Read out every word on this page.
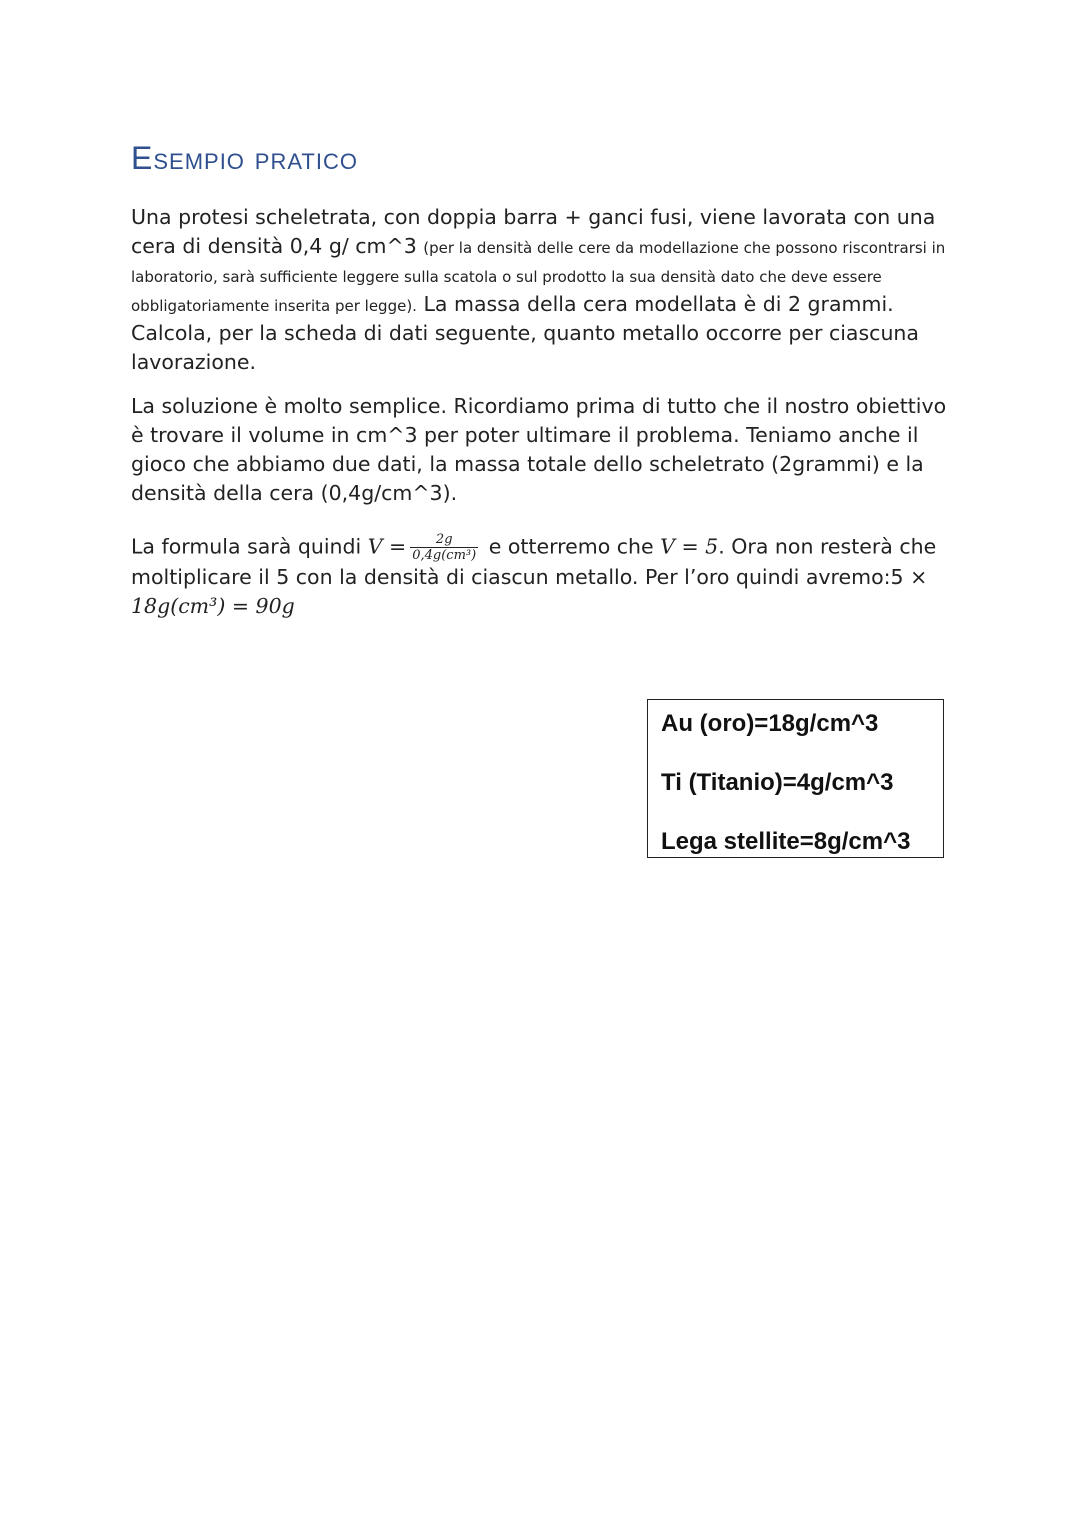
Esempio pratico
Una protesi scheletrata, con doppia barra + ganci fusi, viene lavorata con una cera di densità 0,4 g/ cm^3 (per la densità delle cere da modellazione che possono riscontrarsi in laboratorio, sarà sufficiente leggere sulla scatola o sul prodotto la sua densità dato che deve essere obbligatoriamente inserita per legge). La massa della cera modellata è di 2 grammi. Calcola, per la scheda di dati seguente, quanto metallo occorre per ciascuna lavorazione.
La soluzione è molto semplice. Ricordiamo prima di tutto che il nostro obiettivo è trovare il volume in cm^3 per poter ultimare il problema. Teniamo anche il gioco che abbiamo due dati, la massa totale dello scheletrato (2grammi) e la densità della cera (0,4g/cm^3).
La formula sarà quindi $V = \frac{2g}{\text{0,4g(cm³)}}$ e otterremo che V = 5. Ora non resterà che moltiplicare il 5 con la densità di ciascun metallo. Per l’oro quindi avremo:5 × 18g(cm³) = 90g
Au (oro)=18g/cm^3
Ti (Titanio)=4g/cm^3
Lega stellite=8g/cm^3
